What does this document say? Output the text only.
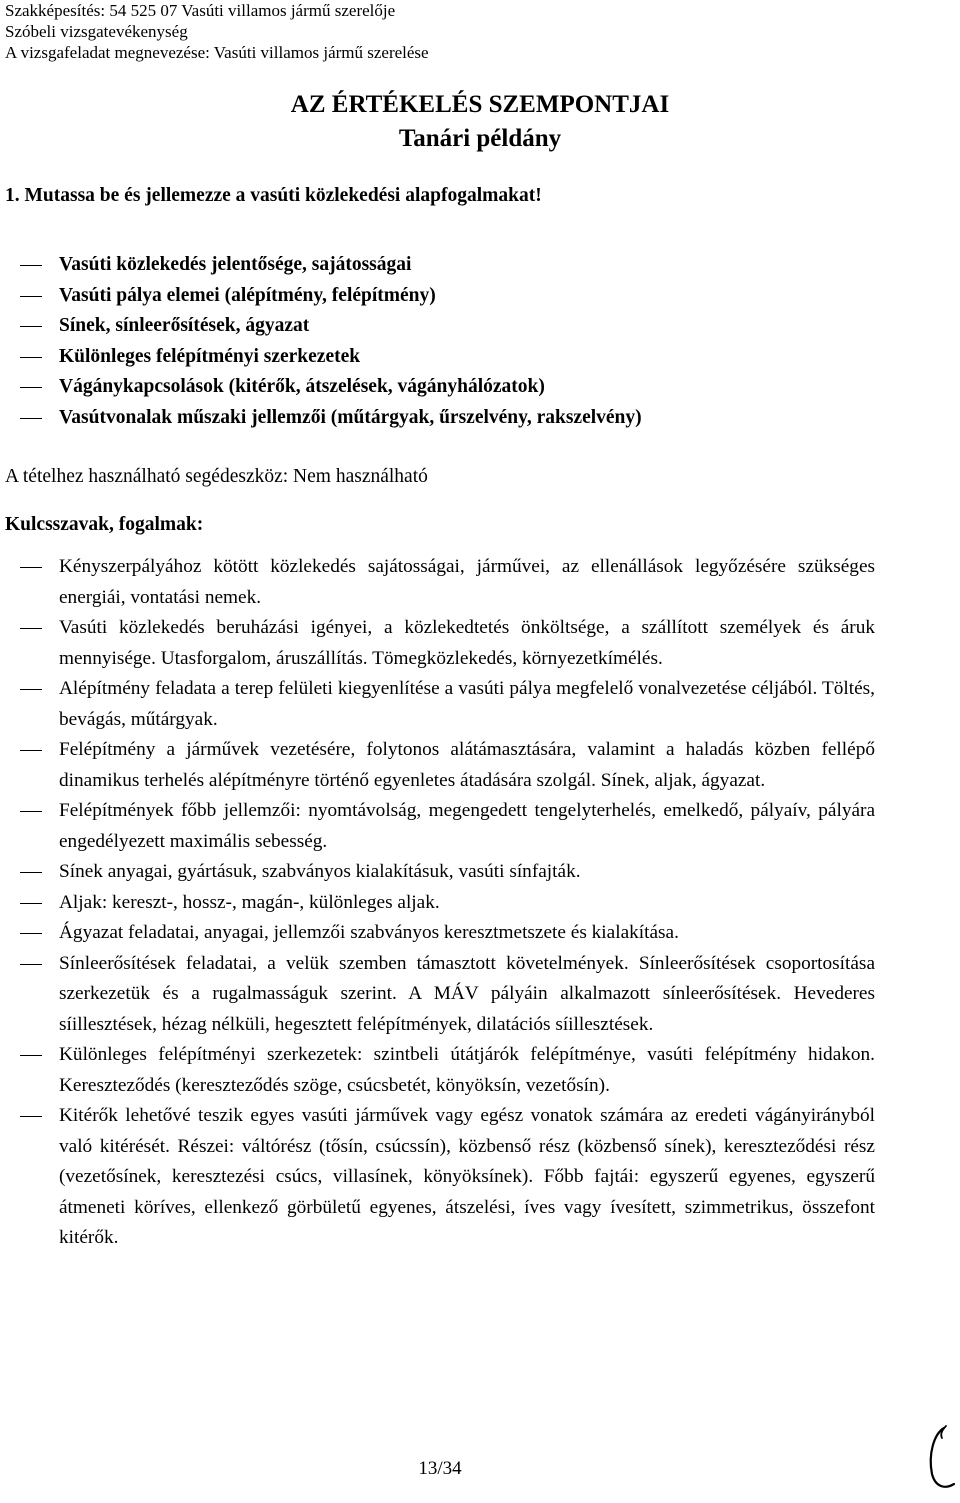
Szakképesítés: 54 525 07 Vasúti villamos jármű szerelője
Szóbeli vizsgatevékenység
A vizsgafeladat megnevezése: Vasúti villamos jármű szerelése
AZ ÉRTÉKELÉS SZEMPONTJAI
Tanári példány
1. Mutassa be és jellemezze a vasúti közlekedési alapfogalmakat!
Vasúti közlekedés jelentősége, sajátosságai
Vasúti pálya elemei (alépítmény, felépítmény)
Sínek, sínleerősítések, ágyazat
Különleges felépítményi szerkezetek
Vágánykapcsolások (kitérők, átszelések, vágányhálózatok)
Vasútvonalak műszaki jellemzői (műtárgyak, űrszelvény, rakszelvény)
A tételhez használható segédeszköz: Nem használható
Kulcsszavak, fogalmak:
Kényszerpályához kötött közlekedés sajátosságai, járművei, az ellenállások legyőzésére szükséges energiái, vontatási nemek.
Vasúti közlekedés beruházási igényei, a közlekedtetés önköltsége, a szállított személyek és áruk mennyisége. Utasforgalom, áruszállítás. Tömegközlekedés, környezetkímélés.
Alépítmény feladata a terep felületi kiegyenlítése a vasúti pálya megfelelő vonalvezetése céljából. Töltés, bevágás, műtárgyak.
Felépítmény a járművek vezetésére, folytonos alátámasztására, valamint a haladás közben fellépő dinamikus terhelés alépítményre történő egyenletes átadására szolgál. Sínek, aljak, ágyazat.
Felépítmények főbb jellemzői: nyomtávolság, megengedett tengelyterhelés, emelkedő, pályaív, pályára engedélyezett maximális sebesség.
Sínek anyagai, gyártásuk, szabványos kialakításuk, vasúti sínfajták.
Aljak: kereszt-, hossz-, magán-, különleges aljak.
Ágyazat feladatai, anyagai, jellemzői szabványos keresztmetszete és kialakítása.
Sínleerősítések feladatai, a velük szemben támasztott követelmények. Sínleerősítések csoportosítása szerkezetük és a rugalmasságuk szerint. A MÁV pályáin alkalmazott sínleerősítések. Hevederes síillesztések, hézag nélküli, hegesztett felépítmények, dilatációs síillesztések.
Különleges felépítményi szerkezetek: szintbeli útátjárók felépítménye, vasúti felépítmény hidakon. Kereszteződés (kereszteződés szöge, csúcsbetét, könyöksín, vezetősín).
Kitérők lehetővé teszik egyes vasúti járművek vagy egész vonatok számára az eredeti vágányirányból való kitérését. Részei: váltórész (tősín, csúcssín), közbenső rész (közbenső sínek), kereszteződési rész (vezetősínek, keresztezési csúcs, villasínek, könyöksínek). Főbb fajtái: egyszerű egyenes, egyszerű átmeneti köríves, ellenkező görbületű egyenes, átszelési, íves vagy ívesített, szimmetrikus, összefont kitérők.
13/34
